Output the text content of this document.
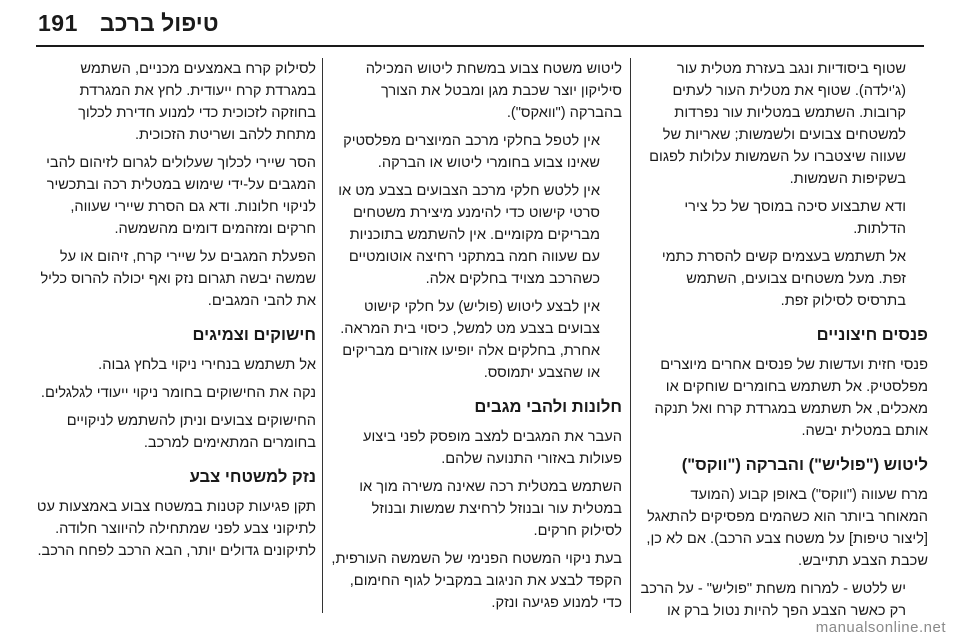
191 טיפול ברכב

שטוף ביסודיות ונגב בעזרת מטלית עור (ג'ילדה). שטוף את מטלית העור לעתים קרובות. השתמש במטליות עור נפרדות למשטחים צבועים ולשמשות; שאריות של שעווה שיצטברו על השמשות עלולות לפגום בשקיפות השמשות.

ודא שתבצוע סיכה במוסך של כל צירי הדלתות.

אל תשתמש בעצמים קשים להסרת כתמי זפת. מעל משטחים צבועים, השתמש בתרסיס לסילוק זפת.

פנסים חיצוניים

פנסי חזית ועדשות של פנסים אחרים מיוצרים מפלסטיק. אל תשתמש בחומרים שוחקים או מאכלים, אל תשתמש במגרדת קרח ואל תנקה אותם במטלית יבשה.

ליטוש ("פוליש") והברקה ("ווקס")

מרח שעווה ("ווקס") באופן קבוע (המועד המאוחר ביותר הוא כשהמים מפסיקים להתאגל [ליצור טיפות] על משטח צבע הרכב). אם לא כן, שכבת הצבע תתייבש.

יש ללטש - למרוח משחת "פוליש" - על הרכב רק כאשר הצבע הפך להיות נטול ברק או

ליטוש משטח צבוע במשחת ליטוש המכילה סיליקון יוצר שכבת מגן ומבטל את הצורך בהברקה ("וואקס").

אין לטפל בחלקי מרכב המיוצרים מפלסטיק שאינו צבוע בחומרי ליטוש או הברקה.

אין ללטש חלקי מרכב הצבועים בצבע מט או סרטי קישוט כדי להימנע מיצירת משטחים מבריקים מקומיים. אין להשתמש בתוכניות עם שעווה חמה במתקני רחיצה אוטומטיים כשהרכב מצויד בחלקים אלה.

אין לבצע ליטוש (פוליש) על חלקי קישוט צבועים בצבע מט למשל, כיסוי בית המראה. אחרת, בחלקים אלה יופיעו אזורים מבריקים או שהצבע יתמוסס.

חלונות ולהבי מגבים

העבר את המגבים למצב מופסק לפני ביצוע פעולות באזורי התנועה שלהם.

השתמש במטלית רכה שאינה משירה מוך או במטלית עור ובנוזל לרחיצת שמשות ובנוזל לסילוק חרקים.

בעת ניקוי המשטח הפנימי של השמשה העורפית, הקפד לבצע את הניגוב במקביל לגוף החימום, כדי למנוע פגיעה ונזק.

לסילוק קרח באמצעים מכניים, השתמש במגרדת קרח ייעודית. לחץ את המגרדת בחוזקה לזכוכית כדי למנוע חדירת לכלוך מתחת ללהב ושריטת הזכוכית.

הסר שיירי לכלוך שעלולים לגרום לזיהום להבי המגבים על-ידי שימוש במטלית רכה ובתכשיר לניקוי חלונות. ודא גם הסרת שיירי שעווה, חרקים ומזהמים דומים מהשמשה.

הפעלת המגבים על שיירי קרח, זיהום או על שמשה יבשה תגרום נזק ואף יכולה להרוס כליל את להבי המגבים.

חישוקים וצמיגים

אל תשתמש בנחירי ניקוי בלחץ גבוה.

נקה את החישוקים בחומר ניקוי ייעודי לגלגלים.

החישוקים צבועים וניתן להשתמש לניקויים בחומרים המתאימים למרכב.

נזק למשטחי צבע

תקן פגיעות קטנות במשטח צבוע באמצעות עט לתיקוני צבע לפני שמתחילה להיווצר חלודה. לתיקונים גדולים יותר, הבא הרכב לפחח הרכב.

manualsonline.net
